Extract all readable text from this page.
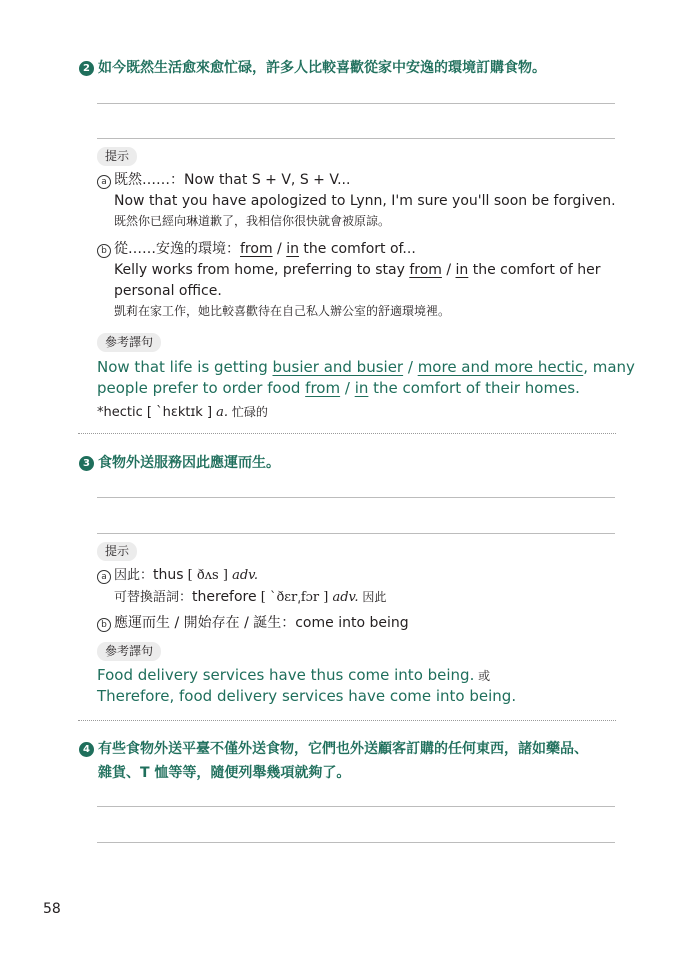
2 如今既然生活愈來愈忙碌，許多人比較喜歡從家中安逸的環境訂購食物。
提示
a 既然……：Now that S + V, S + V...
Now that you have apologized to Lynn, I'm sure you'll soon be forgiven.
既然你已經向琳道歉了，我相信你很快就會被原諒。
b 從……安逸的環境：from / in the comfort of...
Kelly works from home, preferring to stay from / in the comfort of her
personal office.
凱莉在家工作，她比較喜歡待在自己私人辦公室的舒適環境裡。
參考譯句
Now that life is getting busier and busier / more and more hectic, many
people prefer to order food from / in the comfort of their homes.
*hectic [ ˋhɛktɪk ] a. 忙碌的
3 食物外送服務因此應運而生。
提示
a 因此：thus [ ðʌs ] adv.
可替換語詞：therefore [ ˋðɛr͵fɔr ] adv. 因此
b 應運而生 / 開始存在 / 誕生：come into being
參考譯句
Food delivery services have thus come into being. 或
Therefore, food delivery services have come into being.
4 有些食物外送平臺不僅外送食物，它們也外送顧客訂購的任何東西，諸如藥品、
雜貨、T 恤等等，隨便列舉幾項就夠了。
58
